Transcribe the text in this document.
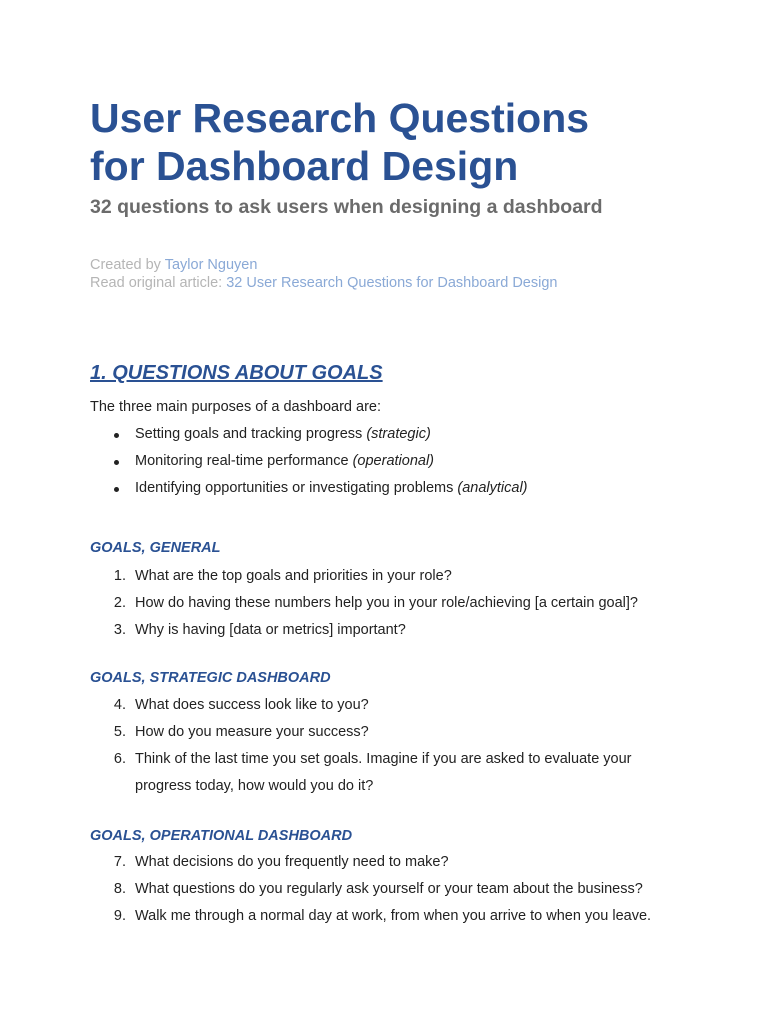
User Research Questions
for Dashboard Design
32 questions to ask users when designing a dashboard
Created by Taylor Nguyen
Read original article: 32 User Research Questions for Dashboard Design
1. QUESTIONS ABOUT GOALS
The three main purposes of a dashboard are:
Setting goals and tracking progress (strategic)
Monitoring real-time performance (operational)
Identifying opportunities or investigating problems (analytical)
GOALS, GENERAL
1. What are the top goals and priorities in your role?
2. How do having these numbers help you in your role/achieving [a certain goal]?
3. Why is having [data or metrics] important?
GOALS, STRATEGIC DASHBOARD
4. What does success look like to you?
5. How do you measure your success?
6. Think of the last time you set goals. Imagine if you are asked to evaluate your
progress today, how would you do it?
GOALS, OPERATIONAL DASHBOARD
7. What decisions do you frequently need to make?
8. What questions do you regularly ask yourself or your team about the business?
9. Walk me through a normal day at work, from when you arrive to when you leave.
